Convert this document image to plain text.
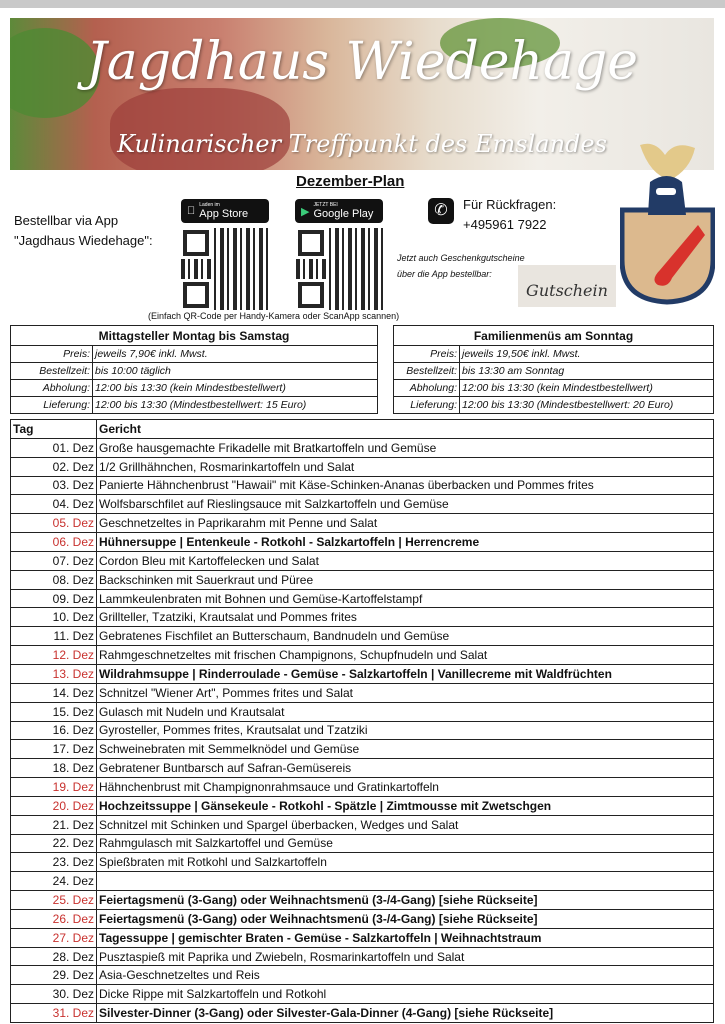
Jagdhaus Wiedehage
Kulinarischer Treffpunkt des Emslandes
Dezember-Plan
Bestellbar via App
"Jagdhaus Wiedehage":
Laden im
App Store	▶
JETZT BEI
Google Play
(Einfach QR-Code per Handy-Kamera oder ScanApp scannen)
✆	Für Rückfragen:
+495961 7922
Jetzt auch Geschenkgutscheine
über die App bestellbar:
Gutschein
Mittagsteller Montag bis Samstag	
Preis:	jeweils 7,90€ inkl. Mwst.
Bestellzeit:	bis 10:00 täglich
Abholung:	12:00 bis 13:30 (kein Mindestbestellwert)
Lieferung:	12:00 bis 13:30 (Mindestbestellwert: 15 Euro)
Familienmenüs am Sonntag	
Preis:	jeweils 19,50€ inkl. Mwst.
Bestellzeit:	bis 13:30 am Sonntag
Abholung:	12:00 bis 13:30 (kein Mindestbestellwert)
Lieferung:	12:00 bis 13:30 (Mindestbestellwert: 20 Euro)
Tag	Gericht
01. Dez	Große hausgemachte Frikadelle mit Bratkartoffeln und Gemüse
02. Dez	1/2 Grillhähnchen, Rosmarinkartoffeln und Salat
03. Dez	Panierte Hähnchenbrust "Hawaii" mit Käse-Schinken-Ananas überbacken und Pommes frites
04. Dez	Wolfsbarschfilet auf Rieslingsauce mit Salzkartoffeln und Gemüse
05. Dez	Geschnetzeltes in Paprikarahm mit Penne und Salat
06. Dez	Hühnersuppe | Entenkeule - Rotkohl - Salzkartoffeln | Herrencreme
07. Dez	Cordon Bleu mit Kartoffelecken und Salat
08. Dez	Backschinken mit Sauerkraut und Püree
09. Dez	Lammkeulenbraten mit Bohnen und Gemüse-Kartoffelstampf
10. Dez	Grillteller, Tzatziki, Krautsalat und Pommes frites
11. Dez	Gebratenes Fischfilet an Butterschaum, Bandnudeln und Gemüse
12. Dez	Rahmgeschnetzeltes mit frischen Champignons, Schupfnudeln und Salat
13. Dez	Wildrahmsuppe | Rinderroulade - Gemüse - Salzkartoffeln | Vanillecreme mit Waldfrüchten
14. Dez	Schnitzel "Wiener Art", Pommes frites und Salat
15. Dez	Gulasch mit Nudeln und Krautsalat
16. Dez	Gyrosteller, Pommes frites, Krautsalat und Tzatziki
17. Dez	Schweinebraten mit Semmelknödel und Gemüse
18. Dez	Gebratener Buntbarsch auf Safran-Gemüsereis
19. Dez	Hähnchenbrust mit Champignonrahmsauce und Gratinkartoffeln
20. Dez	Hochzeitssuppe | Gänsekeule - Rotkohl - Spätzle | Zimtmousse mit Zwetschgen
21. Dez	Schnitzel mit Schinken und Spargel überbacken, Wedges und Salat
22. Dez	Rahmgulasch mit Salzkartoffel und Gemüse
23. Dez	Spießbraten mit Rotkohl und Salzkartoffeln
24. Dez	
25. Dez	Feiertagsmenü (3-Gang) oder Weihnachtsmenü (3-/4-Gang) [siehe Rückseite]
26. Dez	Feiertagsmenü (3-Gang) oder Weihnachtsmenü (3-/4-Gang) [siehe Rückseite]
27. Dez	Tagessuppe | gemischter Braten - Gemüse - Salzkartoffeln | Weihnachtstraum
28. Dez	Pusztaspieß mit Paprika und Zwiebeln, Rosmarinkartoffeln und Salat
29. Dez	Asia-Geschnetzeltes und Reis
30. Dez	Dicke Rippe mit Salzkartoffeln und Rotkohl
31. Dez	Silvester-Dinner (3-Gang) oder Silvester-Gala-Dinner (4-Gang) [siehe Rückseite]
